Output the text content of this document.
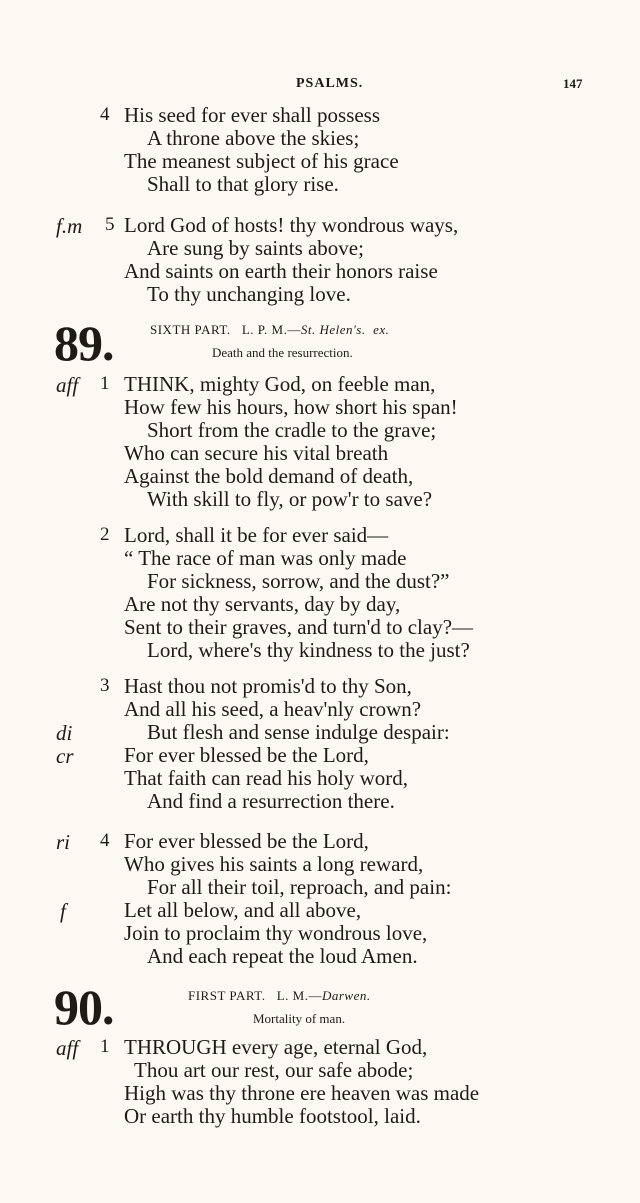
PSALMS.	147
4 His seed for ever shall possess
A throne above the skies;
The meanest subject of his grace
Shall to that glory rise.
f.m 5 Lord God of hosts! thy wondrous ways,
Are sung by saints above;
And saints on earth their honors raise
To thy unchanging love.
89.	SIXTH PART. L. P. M.—St. Helen's. ex.
Death and the resurrection.
aff 1 THINK, mighty God, on feeble man,
How few his hours, how short his span!
Short from the cradle to the grave;
Who can secure his vital breath
Against the bold demand of death,
With skill to fly, or pow'r to save?
2 Lord, shall it be for ever said—
“ The race of man was only made
For sickness, sorrow, and the dust?”
Are not thy servants, day by day,
Sent to their graves, and turn'd to clay?—
Lord, where's thy kindness to the just?
3 Hast thou not promis'd to thy Son,
And all his seed, a heav'nly crown?
di	But flesh and sense indulge despair:
cr For ever blessed be the Lord,
That faith can read his holy word,
And find a resurrection there.
ri 4 For ever blessed be the Lord,
Who gives his saints a long reward,
For all their toil, reproach, and pain:
f	Let all below, and all above,
Join to proclaim thy wondrous love,
And each repeat the loud Amen.
90.	FIRST PART. L. M.—Darwen.
Mortality of man.
aff 1 THROUGH every age, eternal God,
Thou art our rest, our safe abode;
High was thy throne ere heaven was made
Or earth thy humble footstool, laid.
